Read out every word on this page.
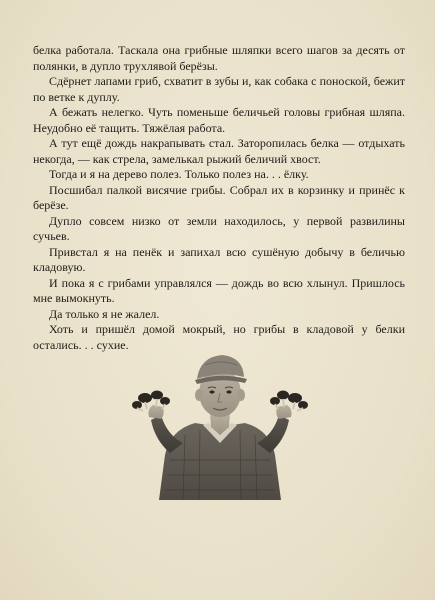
белка работала. Таскала она грибные шляпки всего шагов за десять от полянки, в дупло трухлявой берёзы.

Сдёрнет лапами гриб, схватит в зубы и, как собака с поноской, бежит по ветке к дуплу.

А бежать нелегко. Чуть поменьше беличьей головы грибная шляпа. Неудобно её тащить. Тяжёлая работа.

А тут ещё дождь накрапывать стал. Заторопилась белка — отдыхать некогда, — как стрела, замелькал рыжий беличий хвост.

Тогда и я на дерево полез. Только полез на. . . ёлку.

Посшибал палкой висячие грибы. Собрал их в корзинку и принёс к берёзе.

Дупло совсем низко от земли находилось, у первой развилины сучьев.

Привстал я на пенёк и запихал всю сушёную добычу в беличью кладовую.

И пока я с грибами управлялся — дождь во всю хлынул. Пришлось мне вымокнуть.

Да только я не жалел.

Хоть и пришёл домой мокрый, но грибы в кладовой у белки остались. . . сухие.
